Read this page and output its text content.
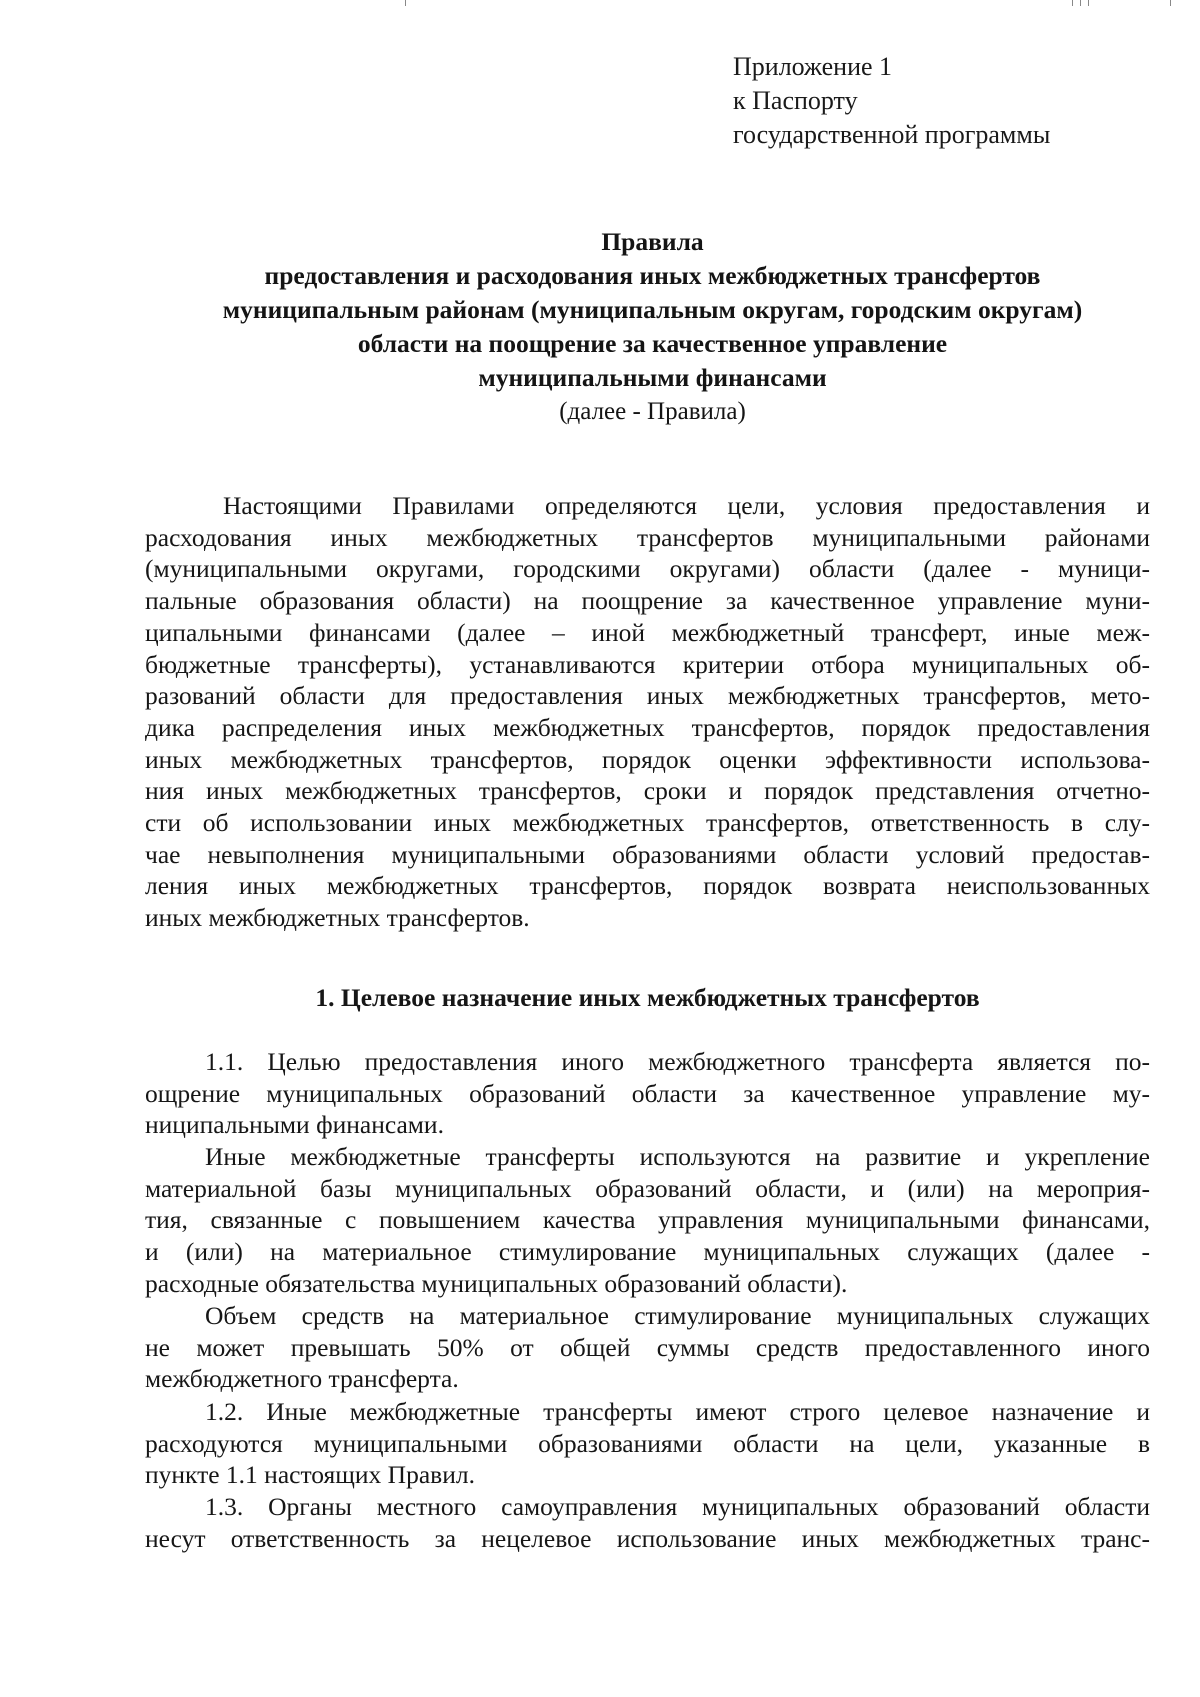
Приложение 1
к Паспорту
государственной программы
Правила
предоставления и расходования иных межбюджетных трансфертов
муниципальным районам (муниципальным округам, городским округам)
области на поощрение за качественное управление
муниципальными финансами
(далее - Правила)
Настоящими Правилами определяются цели, условия предоставления и
расходования иных межбюджетных трансфертов муниципальными районами
(муниципальными округами, городскими округами) области (далее - муници-
пальные образования области) на поощрение за качественное управление муни-
ципальными финансами (далее – иной межбюджетный трансферт, иные меж-
бюджетные трансферты), устанавливаются критерии отбора муниципальных об-
разований области для предоставления иных межбюджетных трансфертов, мето-
дика распределения иных межбюджетных трансфертов, порядок предоставления
иных межбюджетных трансфертов, порядок оценки эффективности использова-
ния иных межбюджетных трансфертов, сроки и порядок представления отчетно-
сти об использовании иных межбюджетных трансфертов, ответственность в слу-
чае невыполнения муниципальными образованиями области условий предостав-
ления иных межбюджетных трансфертов, порядок возврата неиспользованных
иных межбюджетных трансфертов.
1. Целевое назначение иных межбюджетных трансфертов
1.1. Целью предоставления иного межбюджетного трансферта является по-
ощрение муниципальных образований области за качественное управление му-
ниципальными финансами.
Иные межбюджетные трансферты используются на развитие и укрепление
материальной базы муниципальных образований области, и (или) на мероприя-
тия, связанные с повышением качества управления муниципальными финансами,
и (или) на материальное стимулирование муниципальных служащих (далее -
расходные обязательства муниципальных образований области).
Объем средств на материальное стимулирование муниципальных служащих
не может превышать 50% от общей суммы средств предоставленного иного
межбюджетного трансферта.
1.2. Иные межбюджетные трансферты имеют строго целевое назначение и
расходуются муниципальными образованиями области на цели, указанные в
пункте 1.1 настоящих Правил.
1.3. Органы местного самоуправления муниципальных образований области
несут ответственность за нецелевое использование иных межбюджетных транс-
